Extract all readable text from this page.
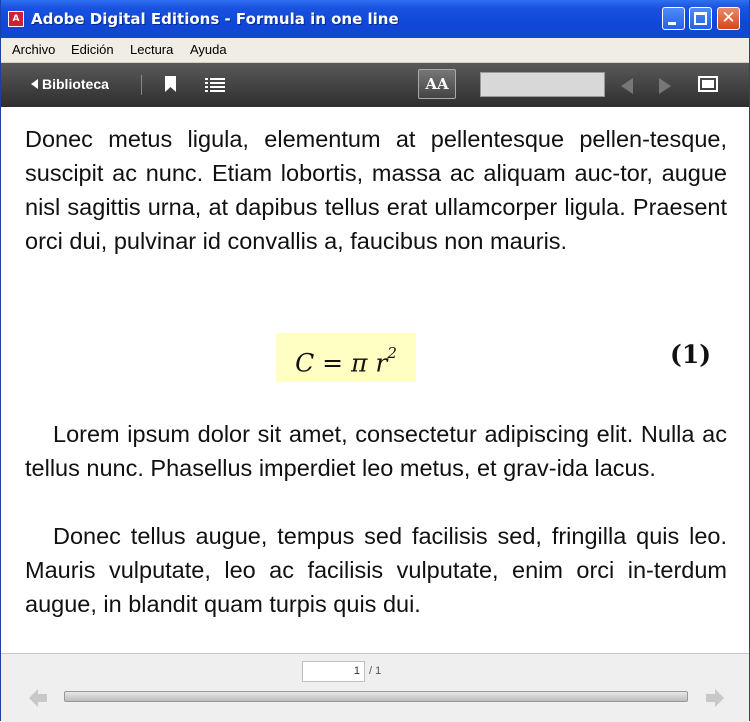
A Adobe Digital Editions - Formula in one line	✕
Archivo Edición Lectura Ayuda
Biblioteca	AA

Donec metus ligula, elementum at pellentesque pellen-tesque, suscipit ac nunc. Etiam lobortis, massa ac aliquam auc-tor, augue nisl sagittis urna, at dapibus tellus erat ullamcorper ligula. Praesent orci dui, pulvinar id convallis a, faucibus non mauris.

C = π $r^2$	(1)

Lorem ipsum dolor sit amet, consectetur adipiscing elit. Nulla ac tellus nunc. Phasellus imperdiet leo metus, et grav-ida lacus.

Donec tellus augue, tempus sed facilisis sed, fringilla quis leo. Mauris vulputate, leo ac facilisis vulputate, enim orci in-terdum augue, in blandit quam turpis quis dui.

1 / 1
